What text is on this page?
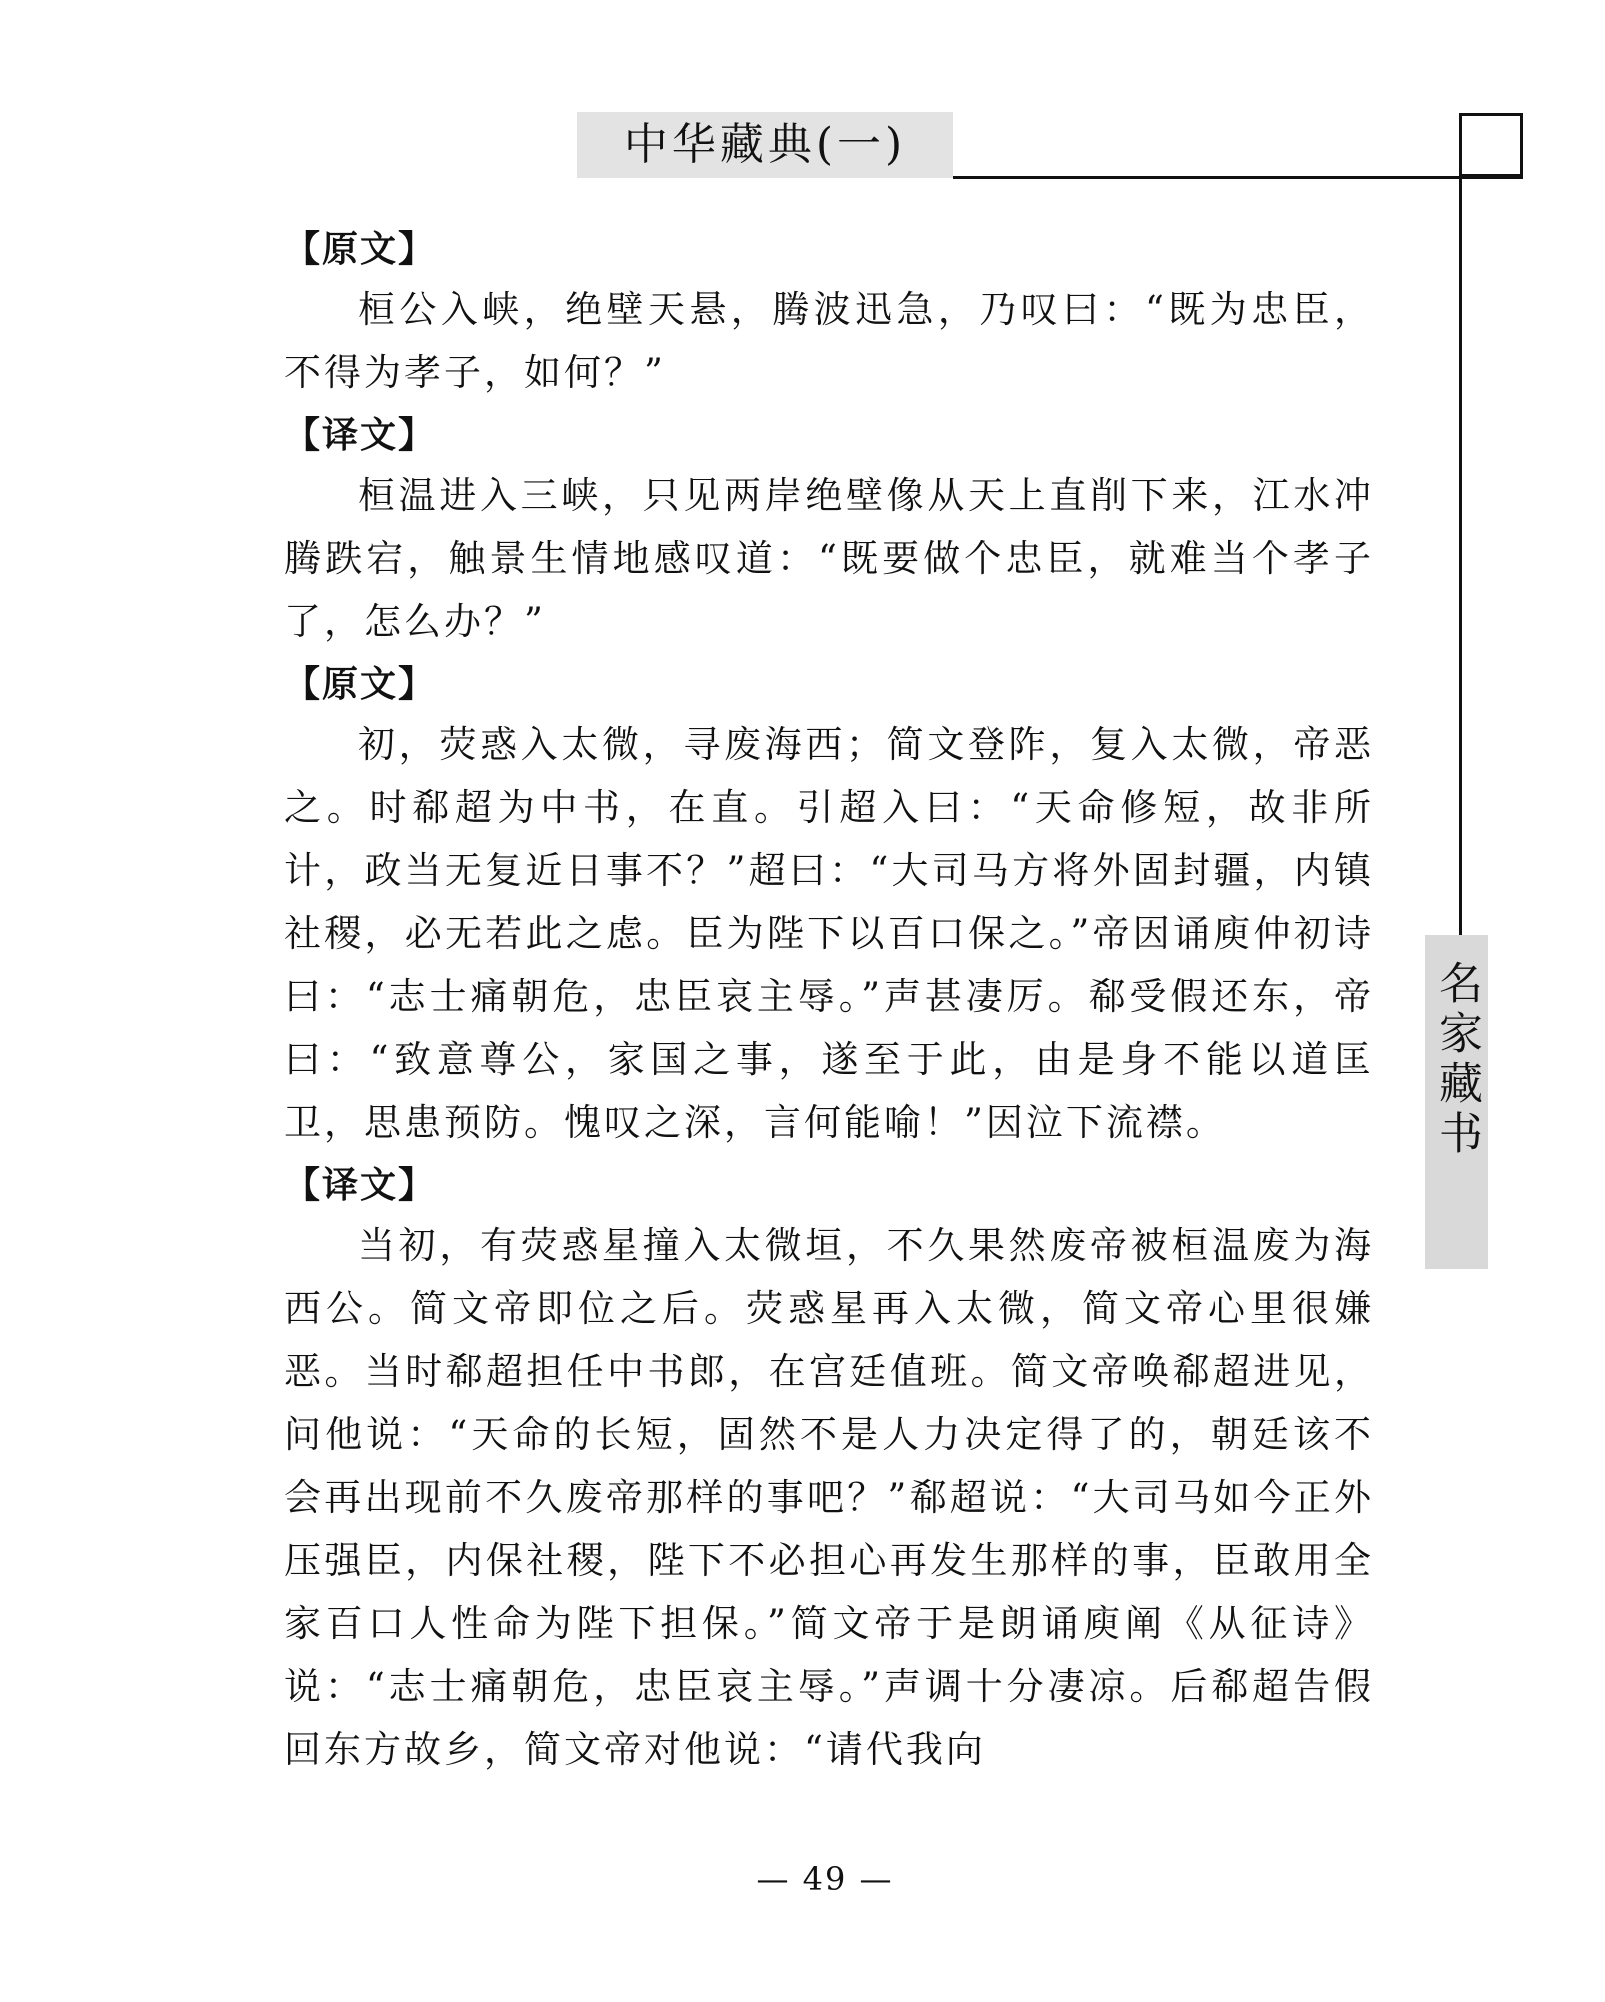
中华藏典(一)
名家藏书
【原文】

桓公入峡，绝壁天悬，腾波迅急，乃叹曰：“既为忠臣，不得为孝子，如何？”

【译文】

桓温进入三峡，只见两岸绝壁像从天上直削下来，江水冲腾跌宕，触景生情地感叹道：“既要做个忠臣，就难当个孝子了，怎么办？”

【原文】

初，荧惑入太微，寻废海西；简文登阼，复入太微，帝恶之。时郗超为中书，在直。引超入曰：“天命修短，故非所计，政当无复近日事不？”超曰：“大司马方将外固封疆，内镇社稷，必无若此之虑。臣为陛下以百口保之。”帝因诵庾仲初诗曰：“志士痛朝危，忠臣哀主辱。”声甚凄厉。郗受假还东，帝曰：“致意尊公，家国之事，遂至于此，由是身不能以道匡卫，思患预防。愧叹之深，言何能喻！”因泣下流襟。

【译文】

当初，有荧惑星撞入太微垣，不久果然废帝被桓温废为海西公。简文帝即位之后。荧惑星再入太微，简文帝心里很嫌恶。当时郗超担任中书郎，在宫廷值班。简文帝唤郗超进见，问他说：“天命的长短，固然不是人力决定得了的，朝廷该不会再出现前不久废帝那样的事吧？”郗超说：“大司马如今正外压强臣，内保社稷，陛下不必担心再发生那样的事，臣敢用全家百口人性命为陛下担保。”简文帝于是朗诵庾阐《从征诗》说：“志士痛朝危，忠臣哀主辱。”声调十分凄凉。后郗超告假回东方故乡，简文帝对他说：“请代我向

— 49 —
